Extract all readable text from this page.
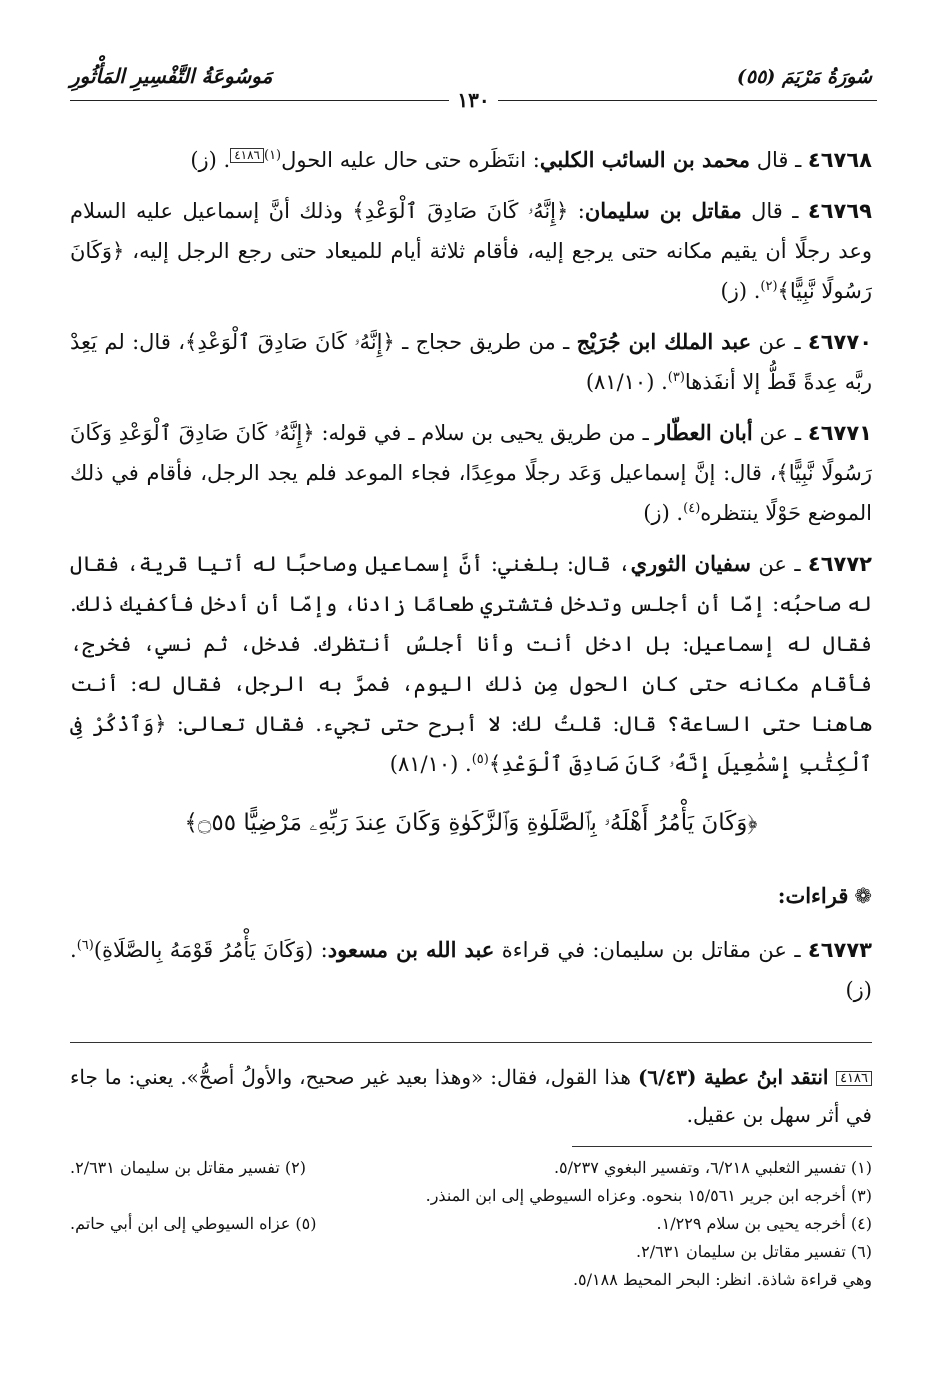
سُورَةُ مَرْيَمَ (٥٥)
مَوسُوعَةُ التَّفْسِيرِ المَأْثُورِ
١٣٠

٤٦٧٦٨ ـ قال محمد بن السائب الكلبي: انتَظَره حتى حال عليه الحول$^{(١)}$٤١٨٦. (ز)

٤٦٧٦٩ ـ قال مقاتل بن سليمان: ﴿إِنَّهُۥ كَانَ صَادِقَ ٱلْوَعْدِ﴾ وذلك أنَّ إسماعيل عليه السلام وعد رجلًا أن يقيم مكانه حتى يرجع إليه، فأقام ثلاثة أيام للميعاد حتى رجع الرجل إليه، ﴿وَكَانَ رَسُولًا نَّبِيًّا﴾$^{(٢)}$. (ز)

٤٦٧٧٠ ـ عن عبد الملك ابن جُرَيْج ـ من طريق حجاج ـ ﴿إِنَّهُۥ كَانَ صَادِقَ ٱلْوَعْدِ﴾، قال: لم يَعِدْ ربَّه عِدةً قَطُّ إلا أنفَذها$^{(٣)}$. (٨١/١٠)

٤٦٧٧١ ـ عن أبان العطّار ـ من طريق يحيى بن سلام ـ في قوله: ﴿إِنَّهُۥ كَانَ صَادِقَ ٱلْوَعْدِ وَكَانَ رَسُولًا نَّبِيًّا﴾، قال: إنَّ إسماعيل وَعَد رجلًا موعِدًا، فجاء الموعد فلم يجد الرجل، فأقام في ذلك الموضع حَوْلًا ينتظره$^{(٤)}$. (ز)

٤٦٧٧٢ ـ عن سفيان الثوري، قال: بلغني: أنَّ إسماعيل وصاحبًا له أتيا قرية، فقال له صاحبُه: إمّا أن أجلس وتدخل فتشتري طعامًا زادنا، وإمّا أن أدخل فأكفيك ذلك. فقال له إسماعيل: بل ادخل أنت وأنا أجلسُ أنتظرك. فدخل، ثم نسي، فخرج، فأقام مكانه حتى كان الحول مِن ذلك اليوم، فمرَّ به الرجل، فقال له: أنت هاهنا حتى الساعة؟ قال: قلتُ لك: لا أبرح حتى تجيء. فقال تعالى: ﴿وَٱذْكُرْ فِى ٱلْكِتَٰبِ إِسْمَٰعِيلَ إِنَّهُۥ كَانَ صَادِقَ ٱلْوَعْدِ﴾$^{(٥)}$. (٨١/١٠)

﴿وَكَانَ يَأْمُرُ أَهْلَهُۥ بِٱلصَّلَوٰةِ وَٱلزَّكَوٰةِ وَكَانَ عِندَ رَبِّهِۦ مَرْضِيًّا ۝٥٥﴾
❁قراءات:
٤٦٧٧٣ ـ عن مقاتل بن سليمان: في قراءة عبد الله بن مسعود: (وَكَانَ يَأْمُرُ قَوْمَهُ بِالصَّلَاةِ)$^{(٦)}$. (ز)
٤١٨٦ انتقد ابنُ عطية (٦/٤٣) هذا القول، فقال: «وهذا بعيد غير صحيح، والأولُ أصحُّ». يعني: ما جاء في أثر سهل بن عقيل.
(١) تفسير الثعلبي ٦/٢١٨، وتفسير البغوي ٥/٢٣٧.
(٢) تفسير مقاتل بن سليمان ٢/٦٣١.
(٣) أخرجه ابن جرير ١٥/٥٦١ بنحوه. وعزاه السيوطي إلى ابن المنذر.
(٤) أخرجه يحيى بن سلام ١/٢٢٩.
(٥) عزاه السيوطي إلى ابن أبي حاتم.
(٦) تفسير مقاتل بن سليمان ٢/٦٣١.
وهي قراءة شاذة. انظر: البحر المحيط ٥/١٨٨.
